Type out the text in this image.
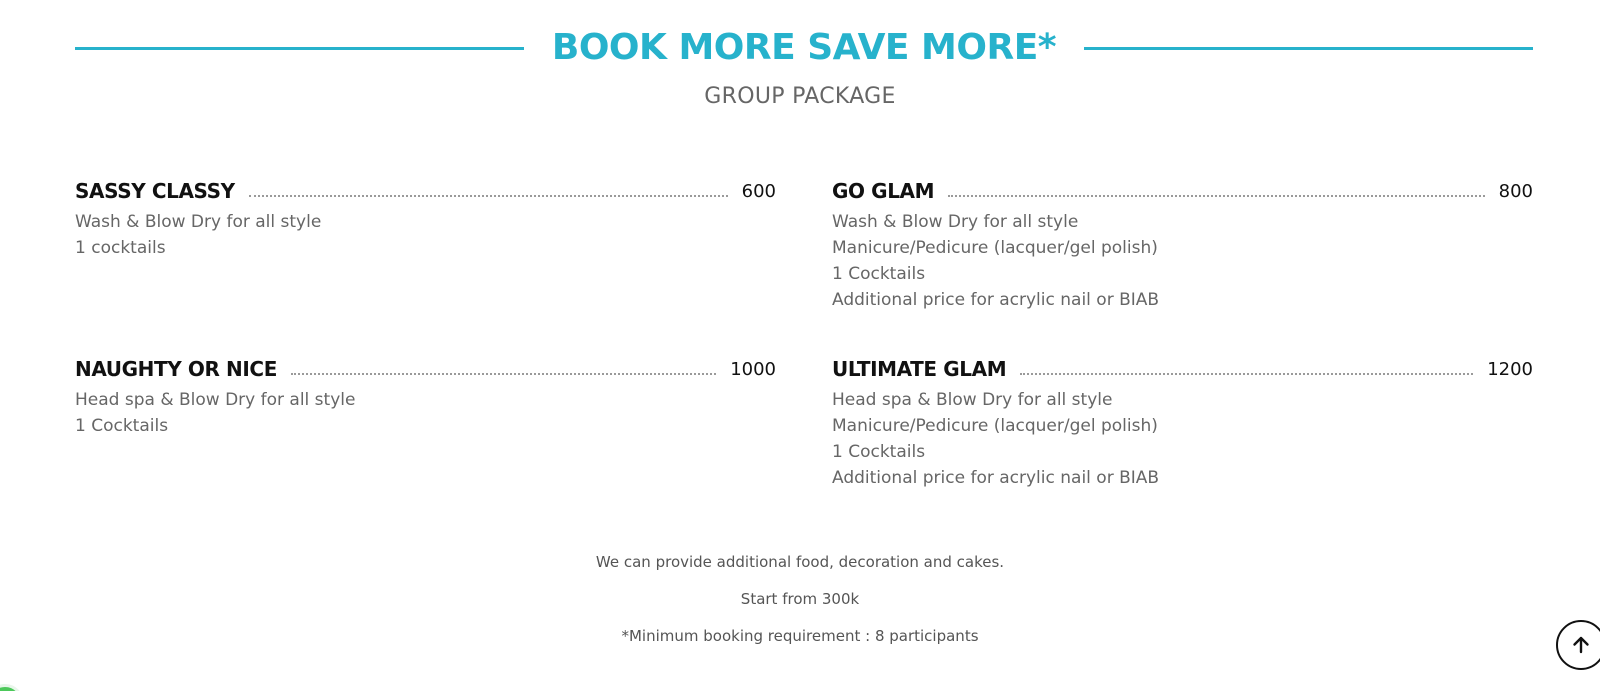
BOOK MORE SAVE MORE*
GROUP PACKAGE
SASSY CLASSY	600
Wash & Blow Dry for all style
1 cocktails
GO GLAM	800
Wash & Blow Dry for all style
Manicure/Pedicure (lacquer/gel polish)
1 Cocktails
Additional price for acrylic nail or BIAB
NAUGHTY OR NICE	1000
Head spa & Blow Dry for all style
1 Cocktails
ULTIMATE GLAM	1200
Head spa & Blow Dry for all style
Manicure/Pedicure (lacquer/gel polish)
1 Cocktails
Additional price for acrylic nail or BIAB
We can provide additional food, decoration and cakes.
Start from 300k
*Minimum booking requirement : 8 participants
